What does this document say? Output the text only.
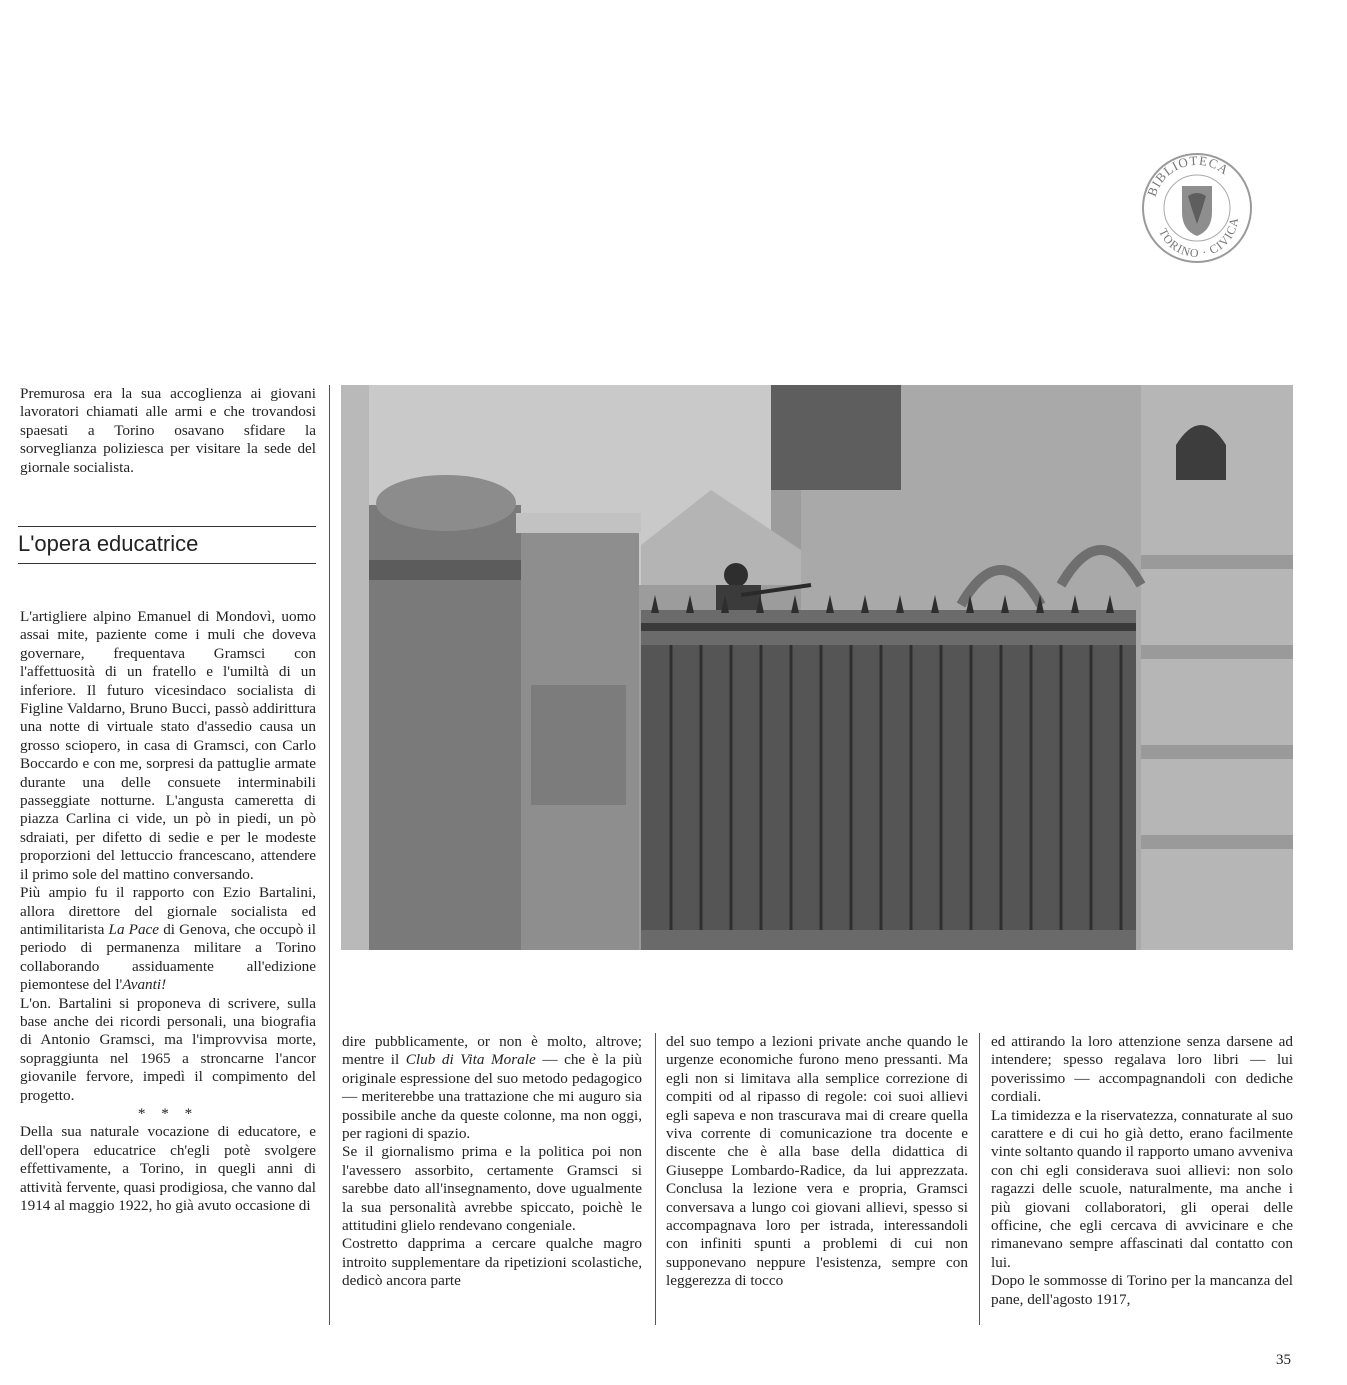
BIBLIOTECA
TORINO · CIVICA

Premurosa era la sua accoglienza ai giovani lavoratori chiamati alle armi e che trovandosi spaesati a Torino osavano sfidare la sorveglianza poliziesca per visitare la sede del giornale socialista.

L'opera educatrice

L'artigliere alpino Emanuel di Mondovì, uomo assai mite, paziente come i muli che doveva governare, frequentava Gramsci con l'affettuosità di un fratello e l'umiltà di un inferiore. Il futuro vicesindaco socialista di Figline Valdarno, Bruno Bucci, passò addirittura una notte di virtuale stato d'assedio causa un grosso sciopero, in casa di Gramsci, con Carlo Boccardo e con me, sorpresi da pattuglie armate durante una delle consuete interminabili passeggiate notturne. L'angusta cameretta di piazza Carlina ci vide, un pò in piedi, un pò sdraiati, per difetto di sedie e per le modeste proporzioni del lettuccio francescano, attendere il primo sole del mattino conversando.

Più ampio fu il rapporto con Ezio Bartalini, allora direttore del giornale socialista ed antimilitarista La Pace di Genova, che occupò il periodo di permanenza militare a Torino collaborando assiduamente all'edizione piemontese del l'Avanti!

L'on. Bartalini si proponeva di scrivere, sulla base anche dei ricordi personali, una biografia di Antonio Gramsci, ma l'improvvisa morte, sopraggiunta nel 1965 a stroncarne l'ancor giovanile fervore, impedì il compimento del progetto.

* * *

Della sua naturale vocazione di educatore, e dell'opera educatrice ch'egli potè svolgere effettivamente, a Torino, in quegli anni di attività fervente, quasi prodigiosa, che vanno dal 1914 al maggio 1922, ho già avuto occasione di

dire pubblicamente, or non è molto, altrove; mentre il Club di Vita Morale — che è la più originale espressione del suo metodo pedagogico — meriterebbe una trattazione che mi auguro sia possibile anche da queste colonne, ma non oggi, per ragioni di spazio.

Se il giornalismo prima e la politica poi non l'avessero assorbito, certamente Gramsci si sarebbe dato all'insegnamento, dove ugualmente la sua personalità avrebbe spiccato, poichè le attitudini glielo rendevano congeniale.

Costretto dapprima a cercare qualche magro introito supplementare da ripetizioni scolastiche, dedicò ancora parte

del suo tempo a lezioni private anche quando le urgenze economiche furono meno pressanti. Ma egli non si limitava alla semplice correzione di compiti od al ripasso di regole: coi suoi allievi egli sapeva e non trascurava mai di creare quella viva corrente di comunicazione tra docente e discente che è alla base della didattica di Giuseppe Lombardo-Radice, da lui apprezzata. Conclusa la lezione vera e propria, Gramsci conversava a lungo coi giovani allievi, spesso si accompagnava loro per istrada, interessandoli con infiniti spunti a problemi di cui non supponevano neppure l'esistenza, sempre con leggerezza di tocco

ed attirando la loro attenzione senza darsene ad intendere; spesso regalava loro libri — lui poverissimo — accompagnandoli con dediche cordiali.

La timidezza e la riservatezza, connaturate al suo carattere e di cui ho già detto, erano facilmente vinte soltanto quando il rapporto umano avveniva con chi egli considerava suoi allievi: non solo ragazzi delle scuole, naturalmente, ma anche i più giovani collaboratori, gli operai delle officine, che egli cercava di avvicinare e che rimanevano sempre affascinati dal contatto con lui.

Dopo le sommosse di Torino per la mancanza del pane, dell'agosto 1917,

35
